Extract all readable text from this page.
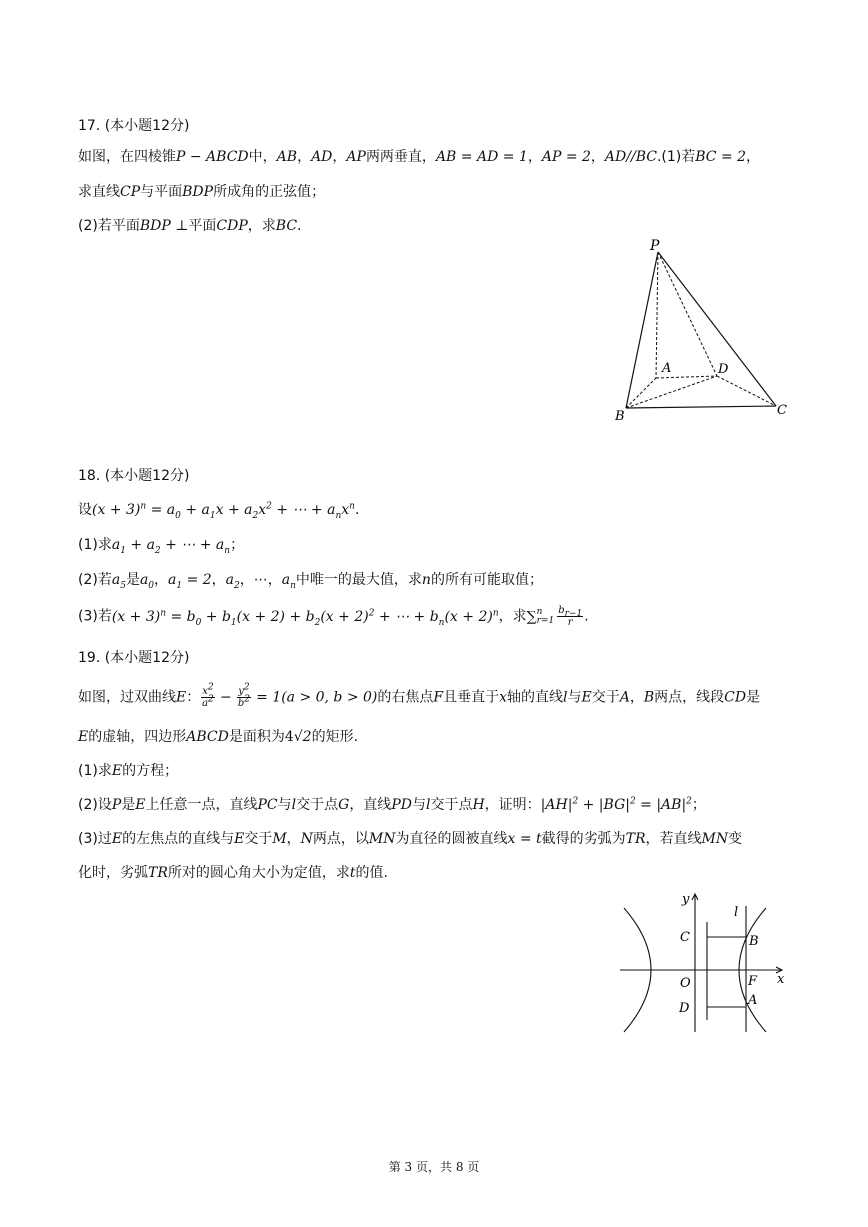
17. (本小题12分)
如图，在四棱锥P − ABCD中，AB，AD，AP两两垂直，AB = AD = 1，AP = 2，AD//BC.(1)若BC = 2，
求直线CP与平面BDP所成角的正弦值；
(2)若平面BDP ⊥平面CDP，求BC.
P
A	D
B	C
18. (本小题12分)
设$(x + 3)^n = a_0 + a_1x + a_2x^2$ + ⋯ + $a_nx^n$.
(1)求$a_1 + a_2$ + ⋯ + $a_n$；
(2)若$a_5$是$a_0$，$a_1 = 2$，$a_2$，⋯，$a_n$中唯一的最大值，求n的所有可能取值；
(3)若$(x + 3)^n = b_0 + b_1(x + 2) + b_2(x + 2)^2$ + ⋯ + $b_n(x + 2)^n$，求∑ n
$r=1 \frac{b_{r-1}}{r}$ .
19. (本小题12分)
如图，过双曲线E： $\frac{x^2}{a^2} - \frac{y^2}{b^2} = 1(a > 0$, b > 0)的右焦点F且垂直于x轴的直线l与E交于A，B两点，线段CD是
E的虚轴，四边形ABCD是面积为4√2的矩形.
(1)求E的方程；
(2)设P是E上任意一点，直线PC与l交于点G，直线PD与l交于点H，证明：$|AH|^2 + |BG|^2 = |AB|^2$；
(3)过E的左焦点的直线与E交于M，N两点，以MN为直径的圆被直线x = t截得的劣弧为TR，若直线MN变
化时，劣弧TR所对的圆心角大小为定值，求t的值.
y
l
C	B
O	F x
D
A
第 3 页，共 8 页
